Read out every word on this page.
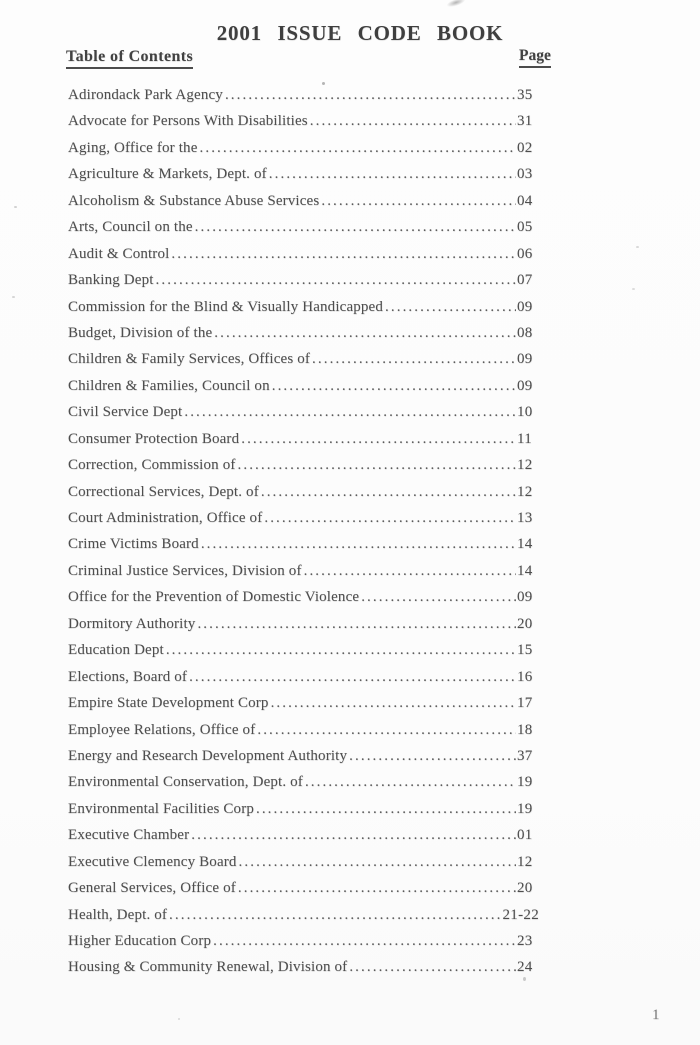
2001 ISSUE CODE BOOK
Table of Contents	Page
Adirondack Park Agency .....	35
Advocate for Persons With Disabilities .....	31
Aging, Office for the .....	02
Agriculture & Markets, Dept. of .....	03
Alcoholism & Substance Abuse Services .....	04
Arts, Council on the .....	05
Audit & Control .....	06
Banking Dept .....	07
Commission for the Blind & Visually Handicapped .....	09
Budget, Division of the .....	08
Children & Family Services, Offices of .....	09
Children & Families, Council on .....	09
Civil Service Dept .....	10
Consumer Protection Board .....	11
Correction, Commission of .....	12
Correctional Services, Dept. of .....	12
Court Administration, Office of .....	13
Crime Victims Board .....	14
Criminal Justice Services, Division of .....	14
Office for the Prevention of Domestic Violence .....	09
Dormitory Authority .....	20
Education Dept .....	15
Elections, Board of .....	16
Empire State Development Corp .....	17
Employee Relations, Office of .....	18
Energy and Research Development Authority .....	37
Environmental Conservation, Dept. of .....	19
Environmental Facilities Corp .....	19
Executive Chamber .....	01
Executive Clemency Board .....	12
General Services, Office of .....	20
Health, Dept. of .....	21-22
Higher Education Corp .....	23
Housing & Community Renewal, Division of .....	24
1
